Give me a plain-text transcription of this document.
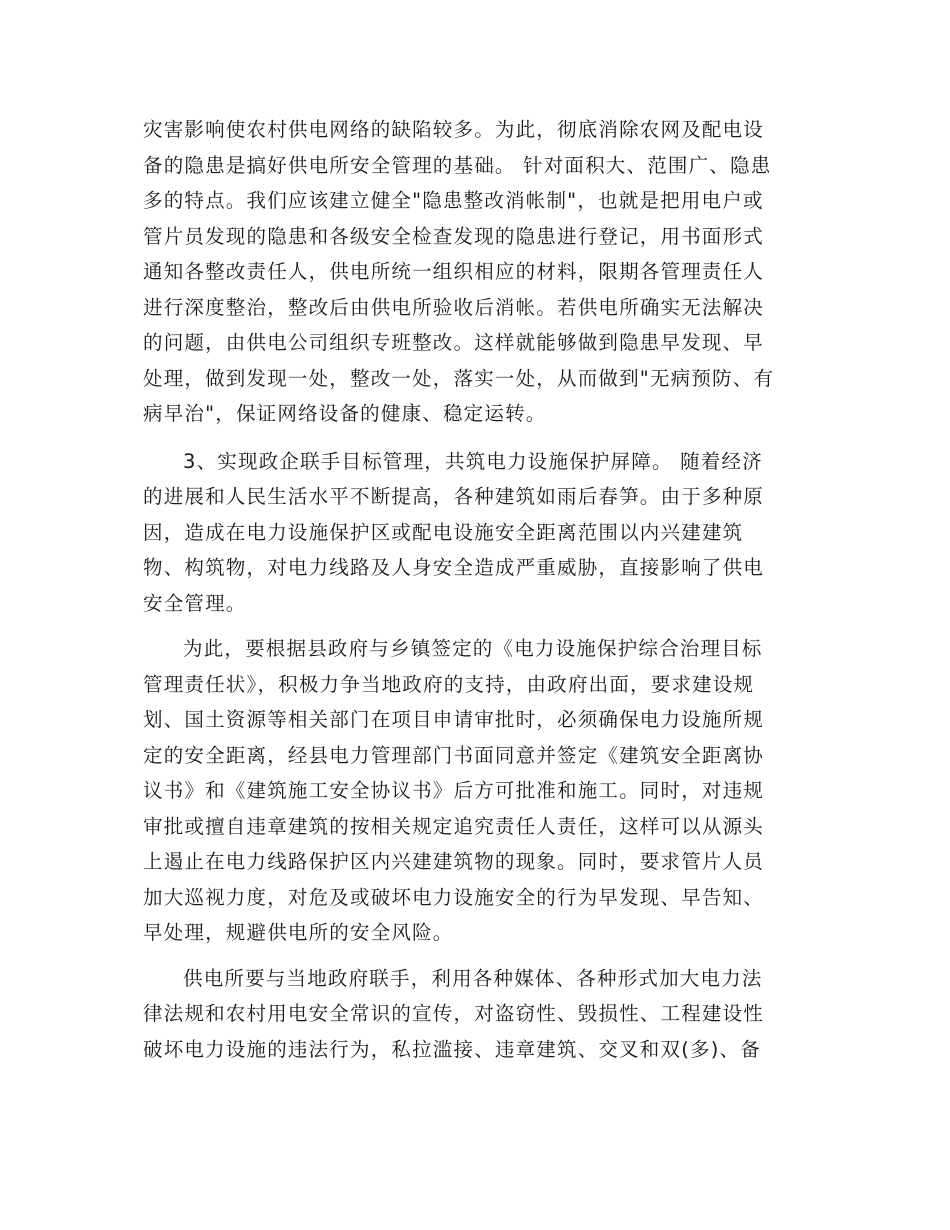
灾害影响使农村供电网络的缺陷较多。为此，彻底消除农网及配电设
备的隐患是搞好供电所安全管理的基础。 针对面积大、范围广、隐患
多的特点。我们应该建立健全"隐患整改消帐制"，也就是把用电户或
管片员发现的隐患和各级安全检查发现的隐患进行登记，用书面形式
通知各整改责任人，供电所统一组织相应的材料，限期各管理责任人
进行深度整治，整改后由供电所验收后消帐。若供电所确实无法解决
的问题，由供电公司组织专班整改。这样就能够做到隐患早发现、早
处理，做到发现一处，整改一处，落实一处，从而做到"无病预防、有
病早治"，保证网络设备的健康、稳定运转。

3、实现政企联手目标管理，共筑电力设施保护屏障。 随着经济
的进展和人民生活水平不断提高，各种建筑如雨后春笋。由于多种原
因，造成在电力设施保护区或配电设施安全距离范围以内兴建建筑
物、构筑物，对电力线路及人身安全造成严重威胁，直接影响了供电
安全管理。

为此，要根据县政府与乡镇签定的《电力设施保护综合治理目标
管理责任状》，积极力争当地政府的支持，由政府出面，要求建设规
划、国土资源等相关部门在项目申请审批时，必须确保电力设施所规
定的安全距离，经县电力管理部门书面同意并签定《建筑安全距离协
议书》和《建筑施工安全协议书》后方可批准和施工。同时，对违规
审批或擅自违章建筑的按相关规定追究责任人责任，这样可以从源头
上遏止在电力线路保护区内兴建建筑物的现象。同时，要求管片人员
加大巡视力度，对危及或破坏电力设施安全的行为早发现、早告知、
早处理，规避供电所的安全风险。

供电所要与当地政府联手，利用各种媒体、各种形式加大电力法
律法规和农村用电安全常识的宣传，对盗窃性、毁损性、工程建设性
破坏电力设施的违法行为，私拉滥接、违章建筑、交叉和双(多)、备
